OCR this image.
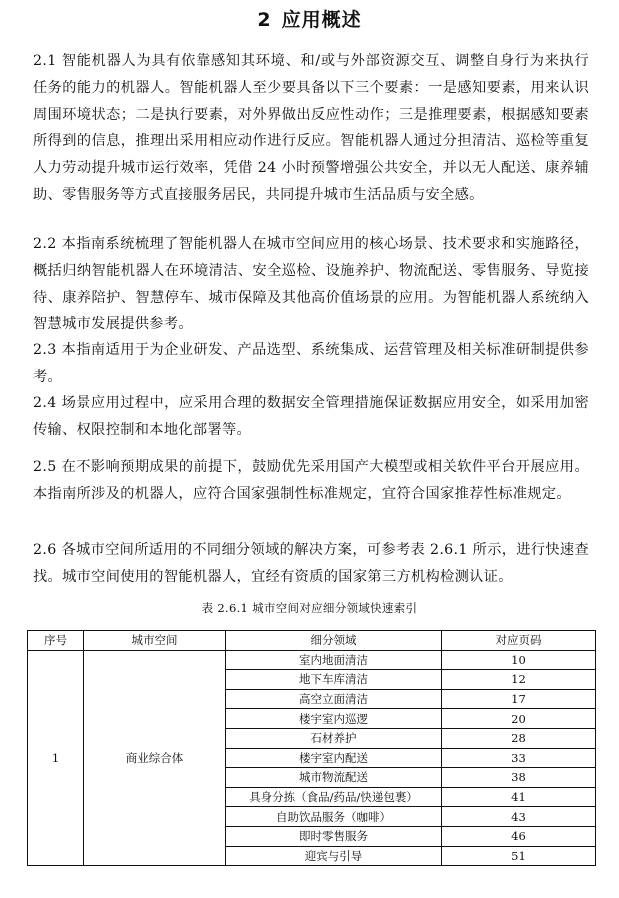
2 应用概述

2.1 智能机器人为具有依靠感知其环境、和/或与外部资源交互、调整自身行为来执行任务的能力的机器人。智能机器人至少要具备以下三个要素：一是感知要素，用来认识周围环境状态；二是执行要素，对外界做出反应性动作；三是推理要素，根据感知要素所得到的信息，推理出采用相应动作进行反应。智能机器人通过分担清洁、巡检等重复人力劳动提升城市运行效率，凭借 24 小时预警增强公共安全，并以无人配送、康养辅助、零售服务等方式直接服务居民，共同提升城市生活品质与安全感。

2.2 本指南系统梳理了智能机器人在城市空间应用的核心场景、技术要求和实施路径，概括归纳智能机器人在环境清洁、安全巡检、设施养护、物流配送、零售服务、导览接待、康养陪护、智慧停车、城市保障及其他高价值场景的应用。为智能机器人系统纳入智慧城市发展提供参考。

2.3 本指南适用于为企业研发、产品选型、系统集成、运营管理及相关标准研制提供参考。

2.4 场景应用过程中，应采用合理的数据安全管理措施保证数据应用安全，如采用加密传输、权限控制和本地化部署等。

2.5 在不影响预期成果的前提下，鼓励优先采用国产大模型或相关软件平台开展应用。本指南所涉及的机器人，应符合国家强制性标准规定，宜符合国家推荐性标准规定。

2.6 各城市空间所适用的不同细分领域的解决方案，可参考表 2.6.1 所示，进行快速查找。城市空间使用的智能机器人，宜经有资质的国家第三方机构检测认证。

表 2.6.1 城市空间对应细分领域快速索引
序号	城市空间	细分领域	对应页码
1	商业综合体	室内地面清洁	10
		地下车库清洁	12
		高空立面清洁	17
		楼宇室内巡逻	20
		石材养护	28
		楼宇室内配送	33
		城市物流配送	38
		具身分拣（食品/药品/快递包裹）	41
		自助饮品服务（咖啡）	43
		即时零售服务	46
		迎宾与引导	51
